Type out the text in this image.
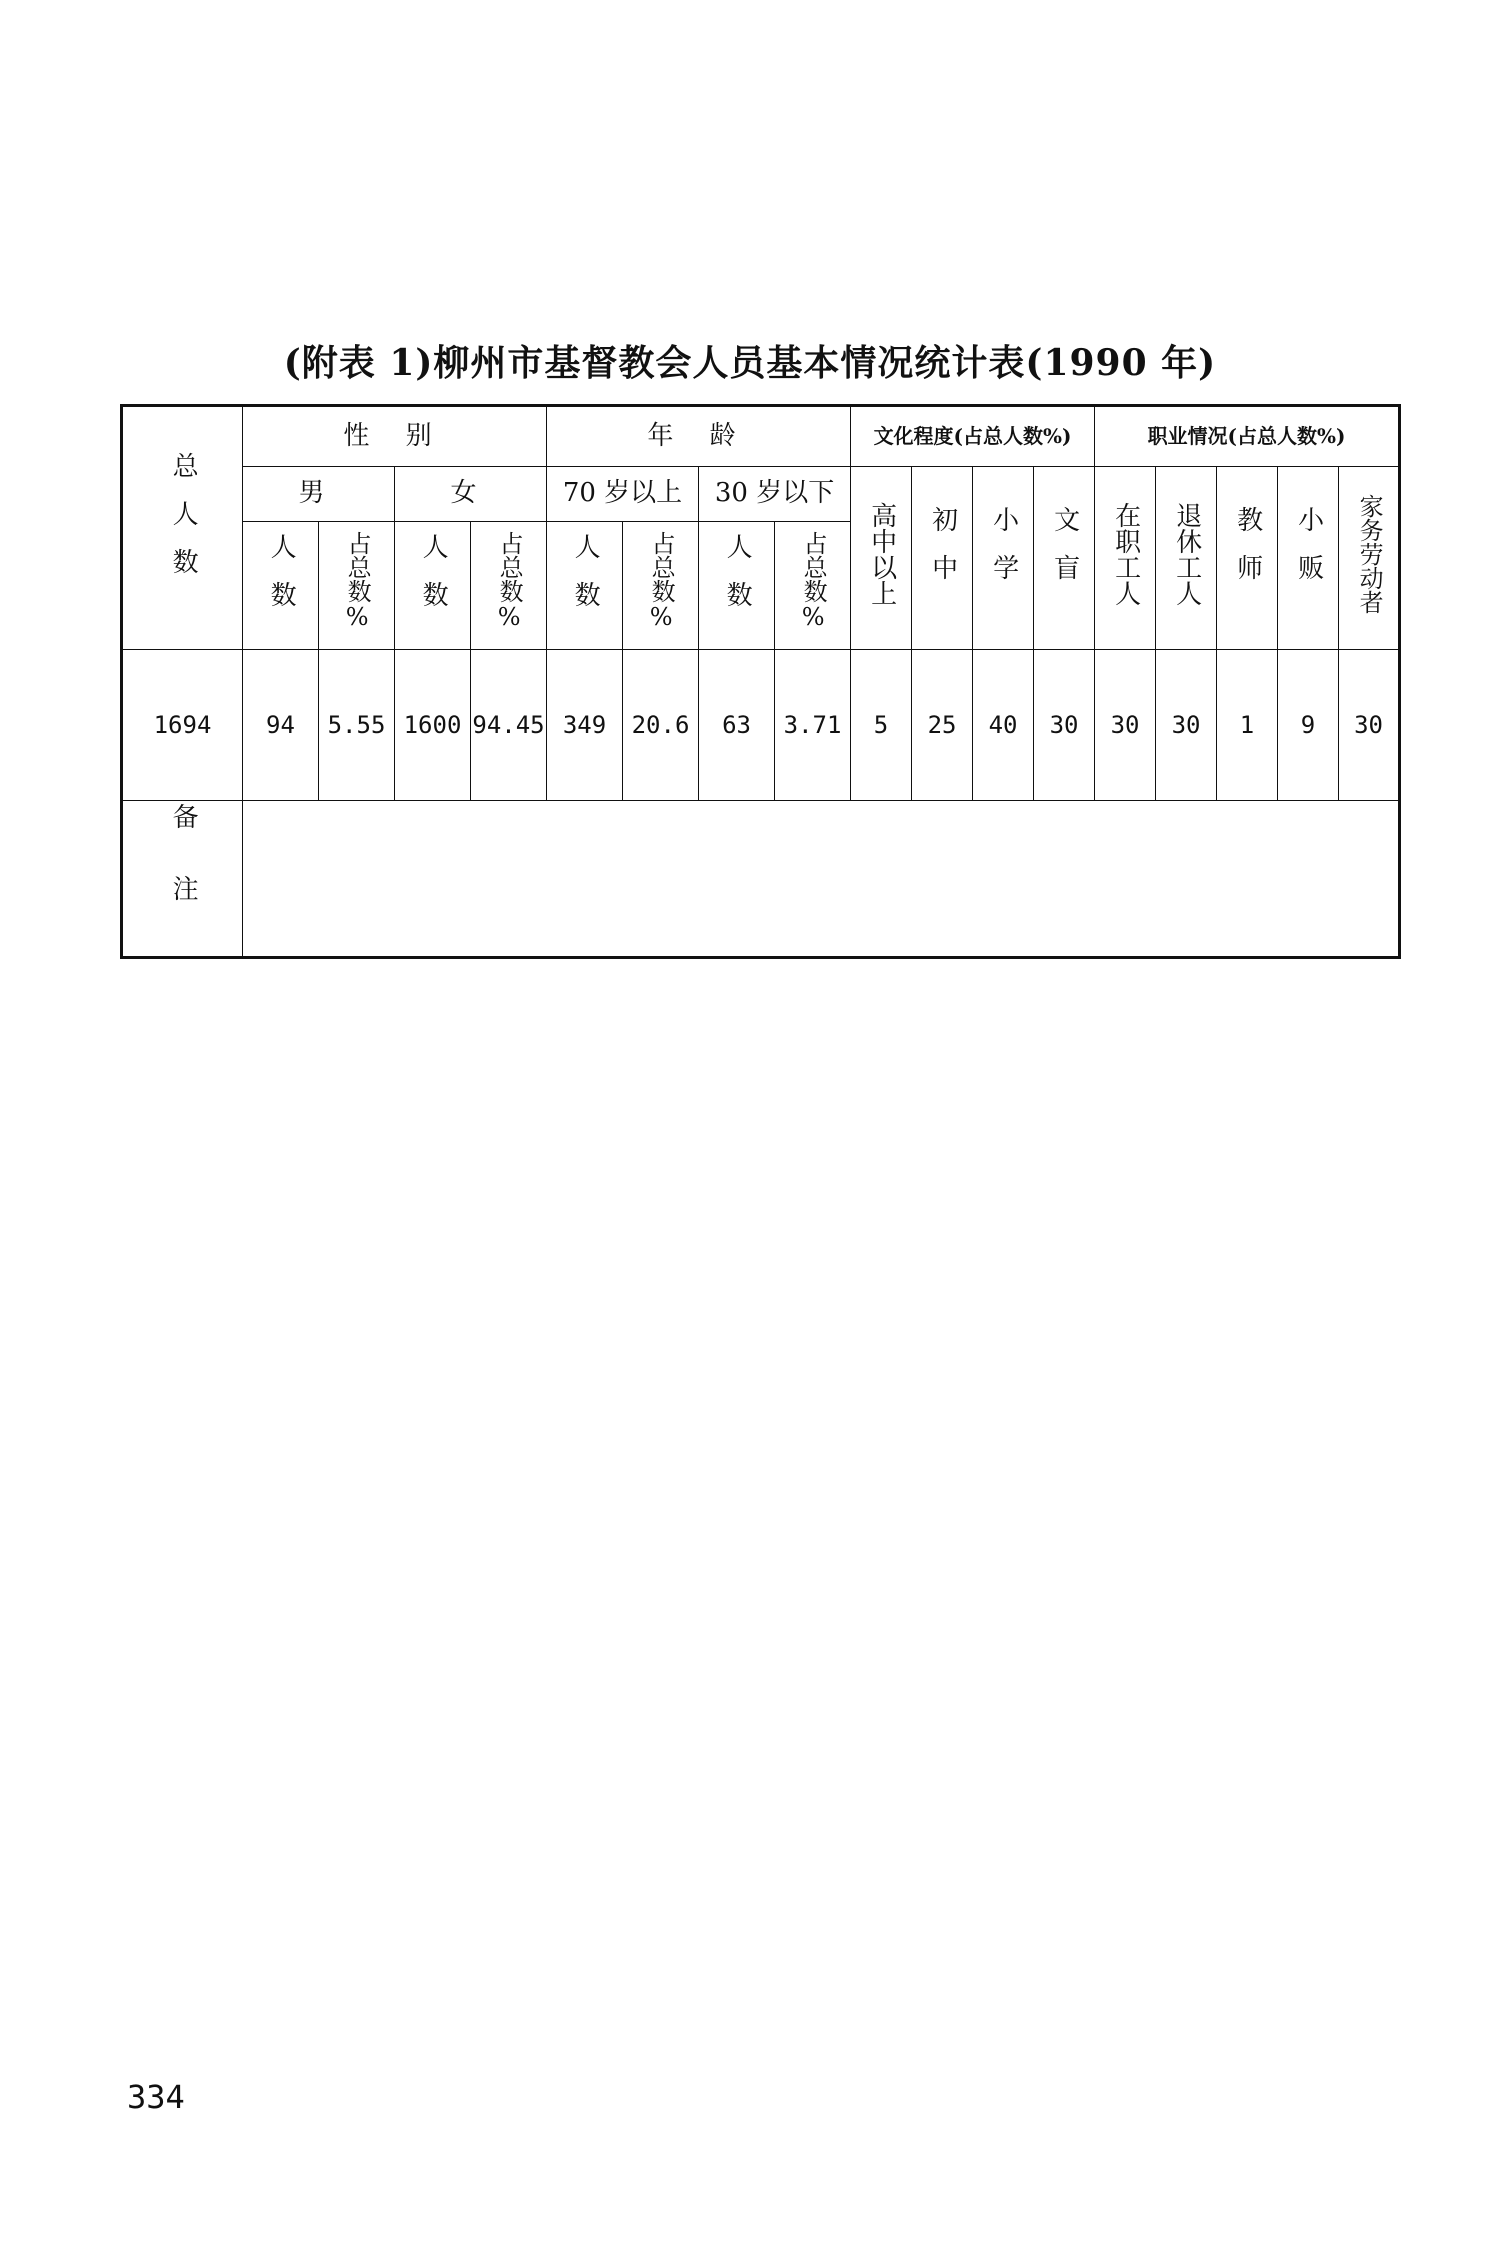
(附表 1)柳州市基督教会人员基本情况统计表(1990 年)
总人数	性 别				年 龄				文化程度(占总人数%)				职业情况(占总人数%)				
	男		女		70 岁以上		30 岁以下		高中以上	初中	小学	文盲	在职工人	退休工人	教师	小贩	家务劳动者
	人数	占总数%	人数	占总数%	人数	占总数%	人数	占总数%									
1694	94	5.55	1600	94.45	349	20.6	63	3.71	5	25	40	30	30	30	1	9	30
备注																	
334
